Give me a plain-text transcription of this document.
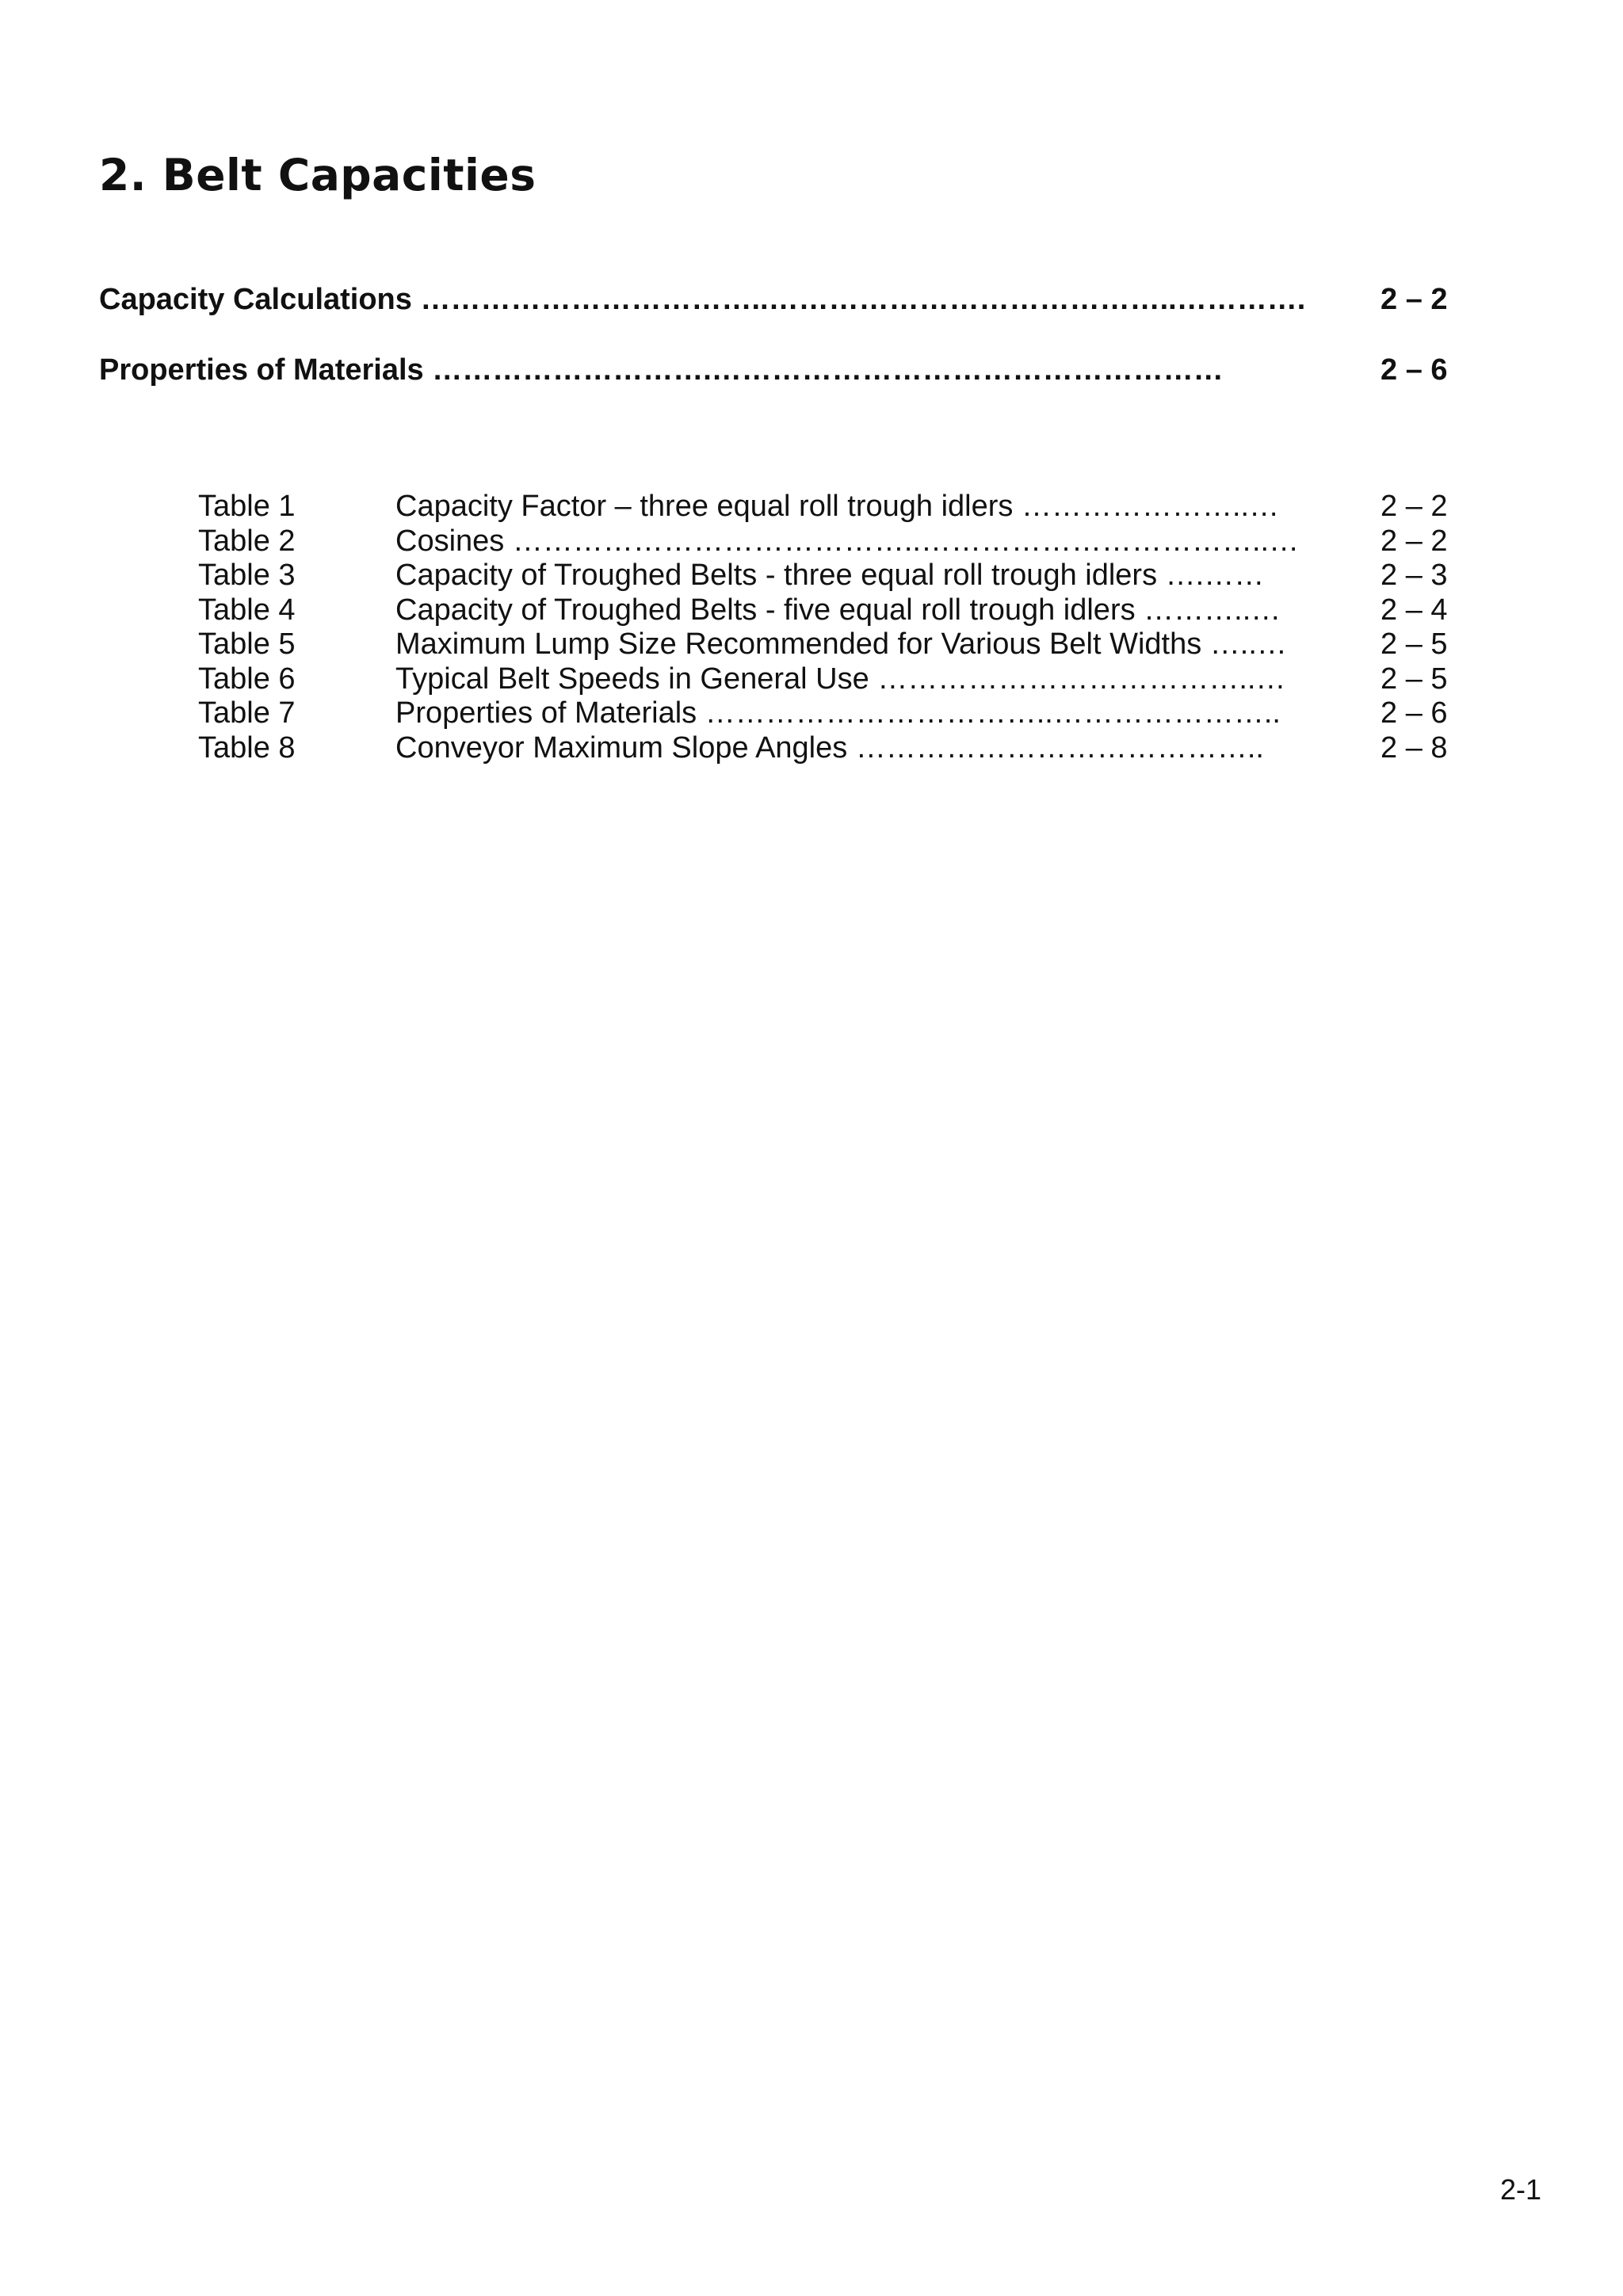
2. Belt Capacities
Capacity Calculations ……………………………..…………………………………..…………. 2 – 2
Properties of Materials ……………………….……………………………………………	2 – 6
Table 1	Capacity Factor – three equal roll trough idlers …………………..…	2 – 2
Table 2	Cosines …………………………………..……………………………..…	2 – 2
Table 3	Capacity of Troughed Belts - three equal roll trough idlers ….……	2 – 3
Table 4	Capacity of Troughed Belts - five equal roll trough idlers ………..…	2 – 4
Table 5	Maximum Lump Size Recommended for Various Belt Widths …..…	2 – 5
Table 6	Typical Belt Speeds in General Use ………………………………..…	2 – 5
Table 7	Properties of Materials ……………………………..…………………..	2 – 6
Table 8	Conveyor Maximum Slope Angles …………………………………..	2 – 8
2-1
